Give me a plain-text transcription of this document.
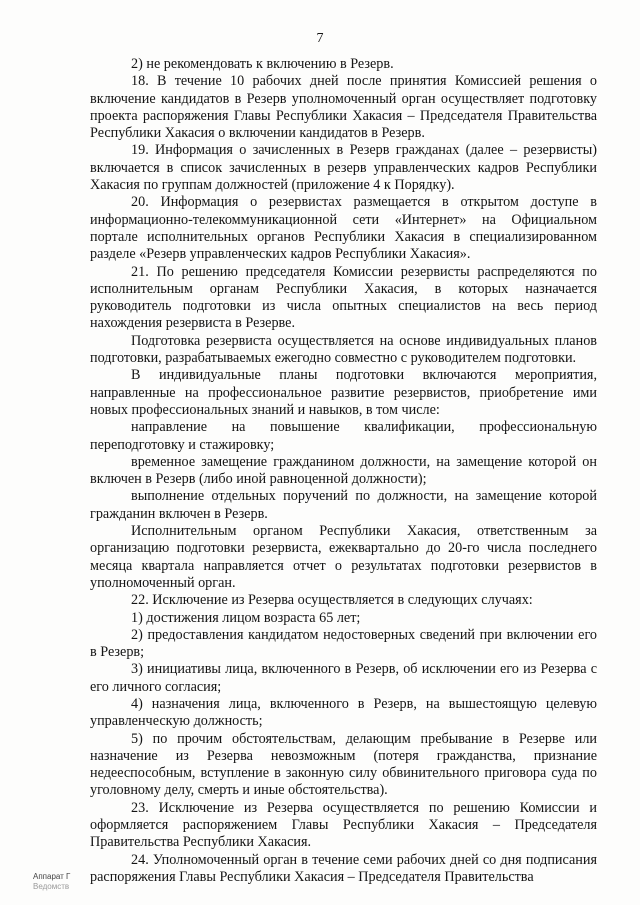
7

2) не рекомендовать к включению в Резерв.

18. В течение 10 рабочих дней после принятия Комиссией решения о включение кандидатов в Резерв уполномоченный орган осуществляет подготовку проекта распоряжения Главы Республики Хакасия – Председателя Правительства Республики Хакасия о включении кандидатов в Резерв.

19. Информация о зачисленных в Резерв гражданах (далее – резервисты) включается в список зачисленных в резерв управленческих кадров Республики Хакасия по группам должностей (приложение 4 к Порядку).

20. Информация о резервистах размещается в открытом доступе в информационно-телекоммуникационной сети «Интернет» на Официальном портале исполнительных органов Республики Хакасия в специализированном разделе «Резерв управленческих кадров Республики Хакасия».

21. По решению председателя Комиссии резервисты распределяются по исполнительным органам Республики Хакасия, в которых назначается руководитель подготовки из числа опытных специалистов на весь период нахождения резервиста в Резерве.

Подготовка резервиста осуществляется на основе индивидуальных планов подготовки, разрабатываемых ежегодно совместно с руководителем подготовки.

В индивидуальные планы подготовки включаются мероприятия, направленные на профессиональное развитие резервистов, приобретение ими новых профессиональных знаний и навыков, в том числе:

направление на повышение квалификации, профессиональную переподготовку и стажировку;

временное замещение гражданином должности, на замещение которой он включен в Резерв (либо иной равноценной должности);

выполнение отдельных поручений по должности, на замещение которой гражданин включен в Резерв.

Исполнительным органом Республики Хакасия, ответственным за организацию подготовки резервиста, ежеквартально до 20-го числа последнего месяца квартала направляется отчет о результатах подготовки резервистов в уполномоченный орган.

22. Исключение из Резерва осуществляется в следующих случаях:

1) достижения лицом возраста 65 лет;

2) предоставления кандидатом недостоверных сведений при включении его в Резерв;

3) инициативы лица, включенного в Резерв, об исключении его из Резерва с его личного согласия;

4) назначения лица, включенного в Резерв, на вышестоящую целевую управленческую должность;

5) по прочим обстоятельствам, делающим пребывание в Резерве или назначение из Резерва невозможным (потеря гражданства, признание недееспособным, вступление в законную силу обвинительного приговора суда по уголовному делу, смерть и иные обстоятельства).

23. Исключение из Резерва осуществляется по решению Комиссии и оформляется распоряжением Главы Республики Хакасия – Председателя Правительства Республики Хакасия.

24. Уполномоченный орган в течение семи рабочих дней со дня подписания распоряжения Главы Республики Хакасия – Председателя Правительства

Аппарат Г
Ведомств
